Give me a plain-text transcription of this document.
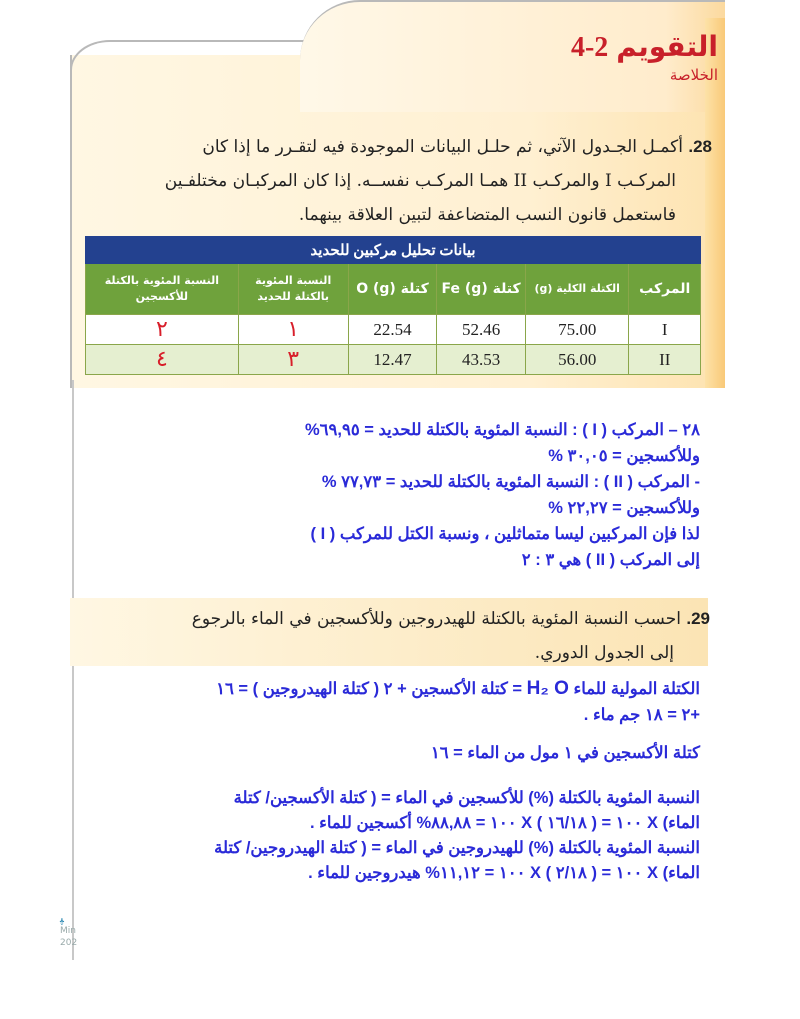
التقويم2-4
الخلاصة

28. أكمـل الجـدول الآتي، ثم حلـل البيانات الموجودة فيه لتقـرر ما إذا كان

المركـب I والمركـب II همـا المركـب نفســه. إذا كان المركبـان مختلفـين

فاستعمل قانون النسب المتضاعفة لتبين العلاقة بينهما.

بيانات تحليل مركبين للحديد					
المركب	الكتلة الكلية (g)	كتلة Fe (g)	كتلة O (g)	النسبة المئوية بالكتلة للحديد	النسبة المئوية بالكتلة للأكسجين
I	75.00	52.46	22.54	١	٢
II	56.00	43.53	12.47	٣	٤

٢٨ – المركب ( I ) : النسبة المئوية بالكتلة للحديد = ٦٩,٩٥%

وللأكسجين = ٣٠,٠٥ %

- المركب ( II ) : النسبة المئوية بالكتلة للحديد = ٧٧,٧٣ %

وللأكسجين = ٢٢,٢٧ %

لذا فإن المركبين ليسا متماثلين ، ونسبة الكتل للمركب ( I )

إلى المركب ( II ) هي ٣ : ٢

29. احسب النسبة المئوية بالكتلة للهيدروجين وللأكسجين في الماء بالرجوع

إلى الجدول الدوري.

الكتلة المولية للماء H₂ O = كتلة الأكسجين + ٢ ( كتلة الهيدروجين ) = ١٦

+٢ = ١٨ جم ماء .

كتلة الأكسجين في ١ مول من الماء = ١٦

النسبة المئوية بالكتلة (%) للأكسجين في الماء = ( كتلة الأكسجين/ كتلة

الماء) X ١٠٠ = ( ١٦/١٨ ) X ١٠٠ = ٨٨,٨٨% أكسجين للماء .

النسبة المئوية بالكتلة (%) للهيدروجين في الماء = ( كتلة الهيدروجين/ كتلة

الماء) X ١٠٠ = ( ٢/١٨ ) X ١٠٠ = ١١,١٢% هيدروجين للماء .

ﭙ
Min
202
